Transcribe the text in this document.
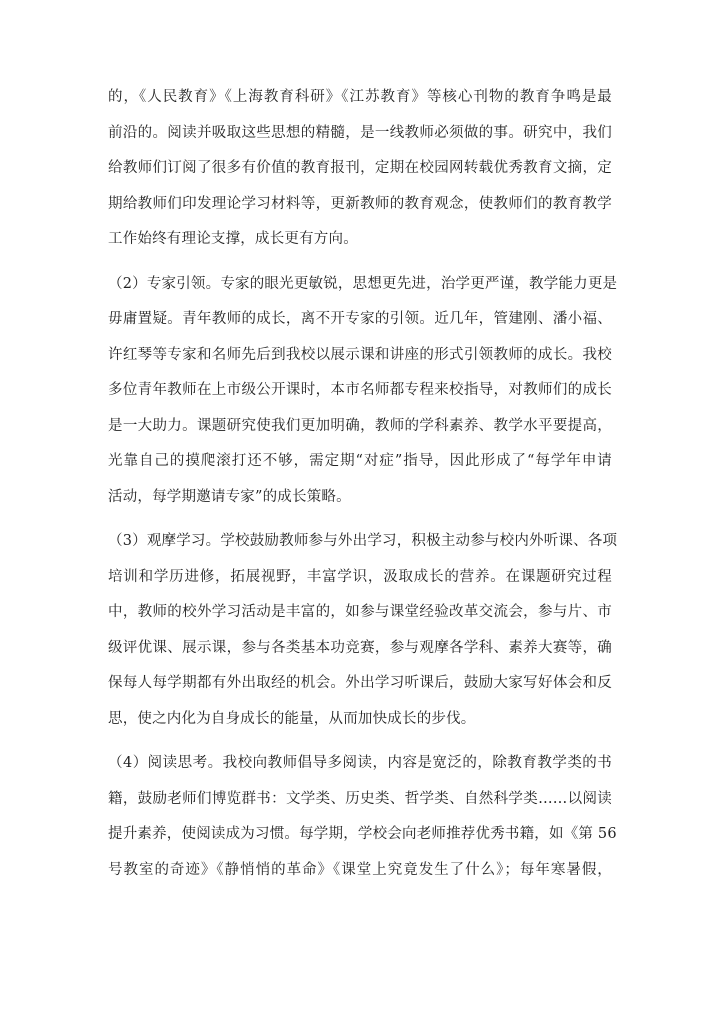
的，《人民教育》《上海教育科研》《江苏教育》等核心刊物的教育争鸣是最
前沿的。阅读并吸取这些思想的精髓，是一线教师必须做的事。研究中，我们
给教师们订阅了很多有价值的教育报刊，定期在校园网转载优秀教育文摘，定
期给教师们印发理论学习材料等，更新教师的教育观念，使教师们的教育教学
工作始终有理论支撑，成长更有方向。
（2）专家引领。专家的眼光更敏锐，思想更先进，治学更严谨，教学能力更是
毋庸置疑。青年教师的成长，离不开专家的引领。近几年，管建刚、潘小福、
许红琴等专家和名师先后到我校以展示课和讲座的形式引领教师的成长。我校
多位青年教师在上市级公开课时，本市名师都专程来校指导，对教师们的成长
是一大助力。课题研究使我们更加明确，教师的学科素养、教学水平要提高，
光靠自己的摸爬滚打还不够，需定期“对症”指导，因此形成了“每学年申请
活动，每学期邀请专家”的成长策略。
（3）观摩学习。学校鼓励教师参与外出学习，积极主动参与校内外听课、各项
培训和学历进修，拓展视野，丰富学识，汲取成长的营养。在课题研究过程
中，教师的校外学习活动是丰富的，如参与课堂经验改革交流会，参与片、市
级评优课、展示课，参与各类基本功竞赛，参与观摩各学科、素养大赛等，确
保每人每学期都有外出取经的机会。外出学习听课后，鼓励大家写好体会和反
思，使之内化为自身成长的能量，从而加快成长的步伐。
（4）阅读思考。我校向教师倡导多阅读，内容是宽泛的，除教育教学类的书
籍，鼓励老师们博览群书：文学类、历史类、哲学类、自然科学类……以阅读
提升素养，使阅读成为习惯。每学期，学校会向老师推荐优秀书籍，如《第 56
号教室的奇迹》《静悄悄的革命》《课堂上究竟发生了什么》；每年寒暑假，
